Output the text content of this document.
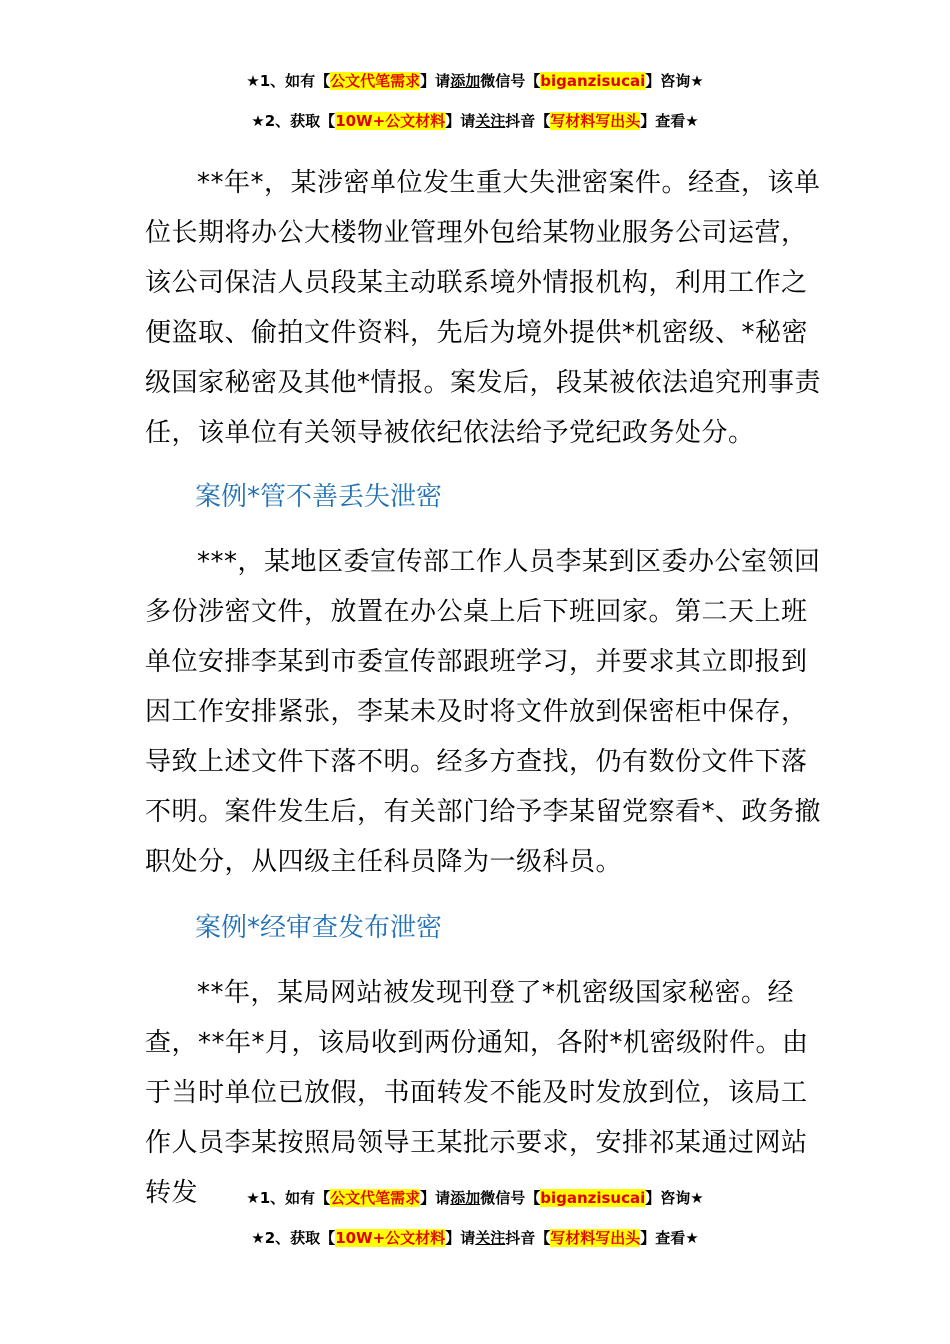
★1、如有【公文代笔需求】请添加微信号【biganzisucai】咨询★
★2、获取【10W+公文材料】请关注抖音【写材料写出头】查看★

**年*，某涉密单位发生重大失泄密案件。经查，该单位长期将办公大楼物业管理外包给某物业服务公司运营，该公司保洁人员段某主动联系境外情报机构，利用工作之便盗取、偷拍文件资料，先后为境外提供*机密级、*秘密级国家秘密及其他*情报。案发后，段某被依法追究刑事责任，该单位有关领导被依纪依法给予党纪政务处分。

案例*管不善丢失泄密

***，某地区委宣传部工作人员李某到区委办公室领回多份涉密文件，放置在办公桌上后下班回家。第二天上班单位安排李某到市委宣传部跟班学习，并要求其立即报到因工作安排紧张，李某未及时将文件放到保密柜中保存，导致上述文件下落不明。经多方查找，仍有数份文件下落不明。案件发生后，有关部门给予李某留党察看*、政务撤职处分，从四级主任科员降为一级科员。

案例*经审查发布泄密

**年，某局网站被发现刊登了*机密级国家秘密。经查，**年*月，该局收到两份通知，各附*机密级附件。由于当时单位已放假，书面转发不能及时发放到位，该局工作人员李某按照局领导王某批示要求，安排祁某通过网站转发	★1、如有【公文代笔需求】请添加微信号【biganzisucai】咨询★
★2、获取【10W+公文材料】请关注抖音【写材料写出头】查看★
